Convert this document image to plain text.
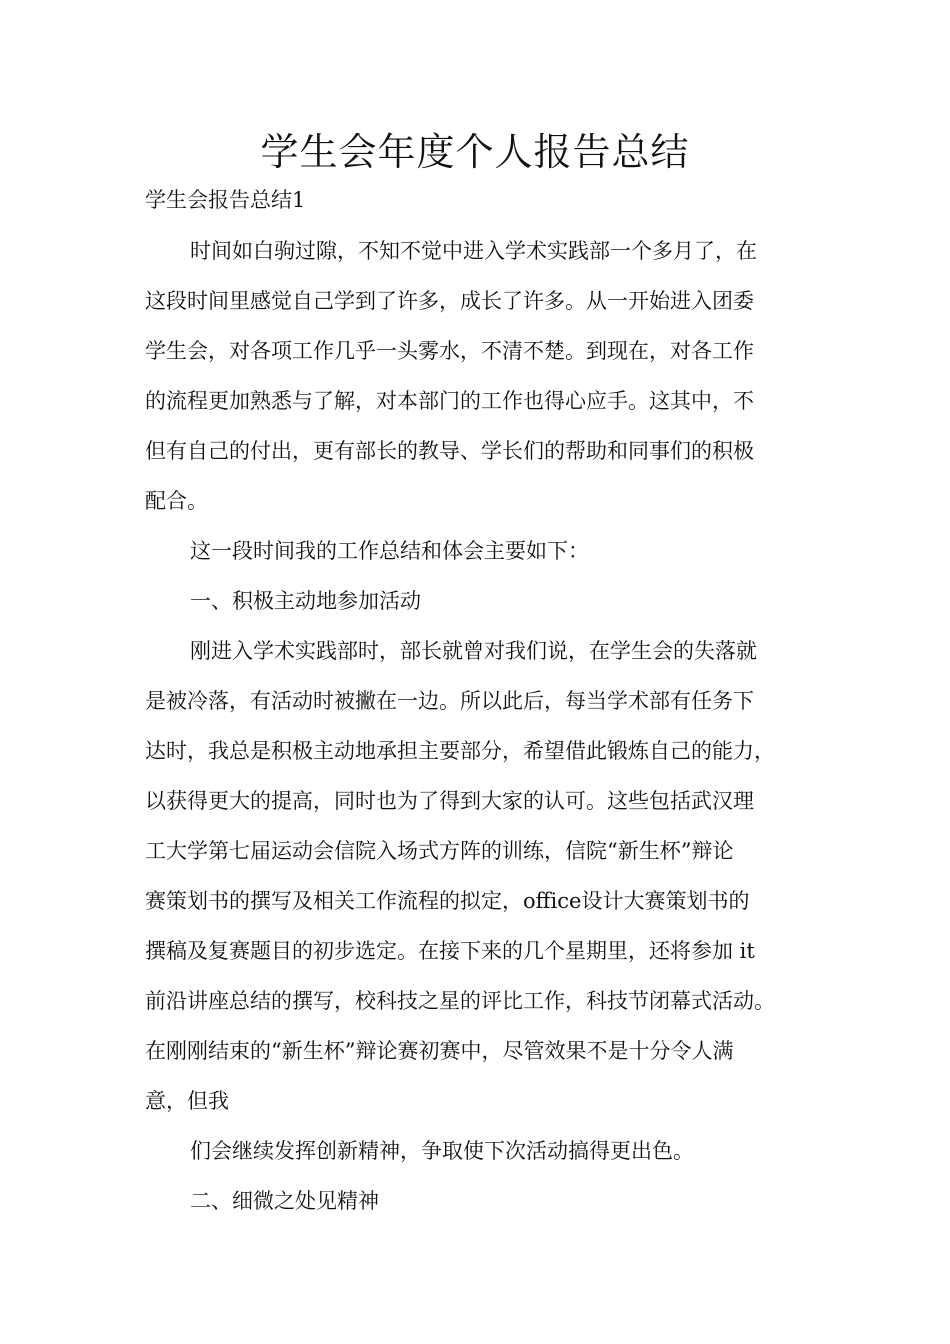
学生会年度个人报告总结
学生会报告总结1
时间如白驹过隙，不知不觉中进入学术实践部一个多月了，在
这段时间里感觉自己学到了许多，成长了许多。从一开始进入团委
学生会，对各项工作几乎一头雾水，不清不楚。到现在，对各工作
的流程更加熟悉与了解，对本部门的工作也得心应手。这其中，不
但有自己的付出，更有部长的教导、学长们的帮助和同事们的积极
配合。
这一段时间我的工作总结和体会主要如下：
一、积极主动地参加活动
刚进入学术实践部时，部长就曾对我们说，在学生会的失落就
是被冷落，有活动时被撇在一边。所以此后，每当学术部有任务下
达时，我总是积极主动地承担主要部分，希望借此锻炼自己的能力，
以获得更大的提高，同时也为了得到大家的认可。这些包括武汉理
工大学第七届运动会信院入场式方阵的训练，信院“新生杯”辩论
赛策划书的撰写及相关工作流程的拟定，office设计大赛策划书的
撰稿及复赛题目的初步选定。在接下来的几个星期里，还将参加 it
前沿讲座总结的撰写，校科技之星的评比工作，科技节闭幕式活动。
在刚刚结束的“新生杯”辩论赛初赛中，尽管效果不是十分令人满
意，但我
们会继续发挥创新精神，争取使下次活动搞得更出色。
二、细微之处见精神
